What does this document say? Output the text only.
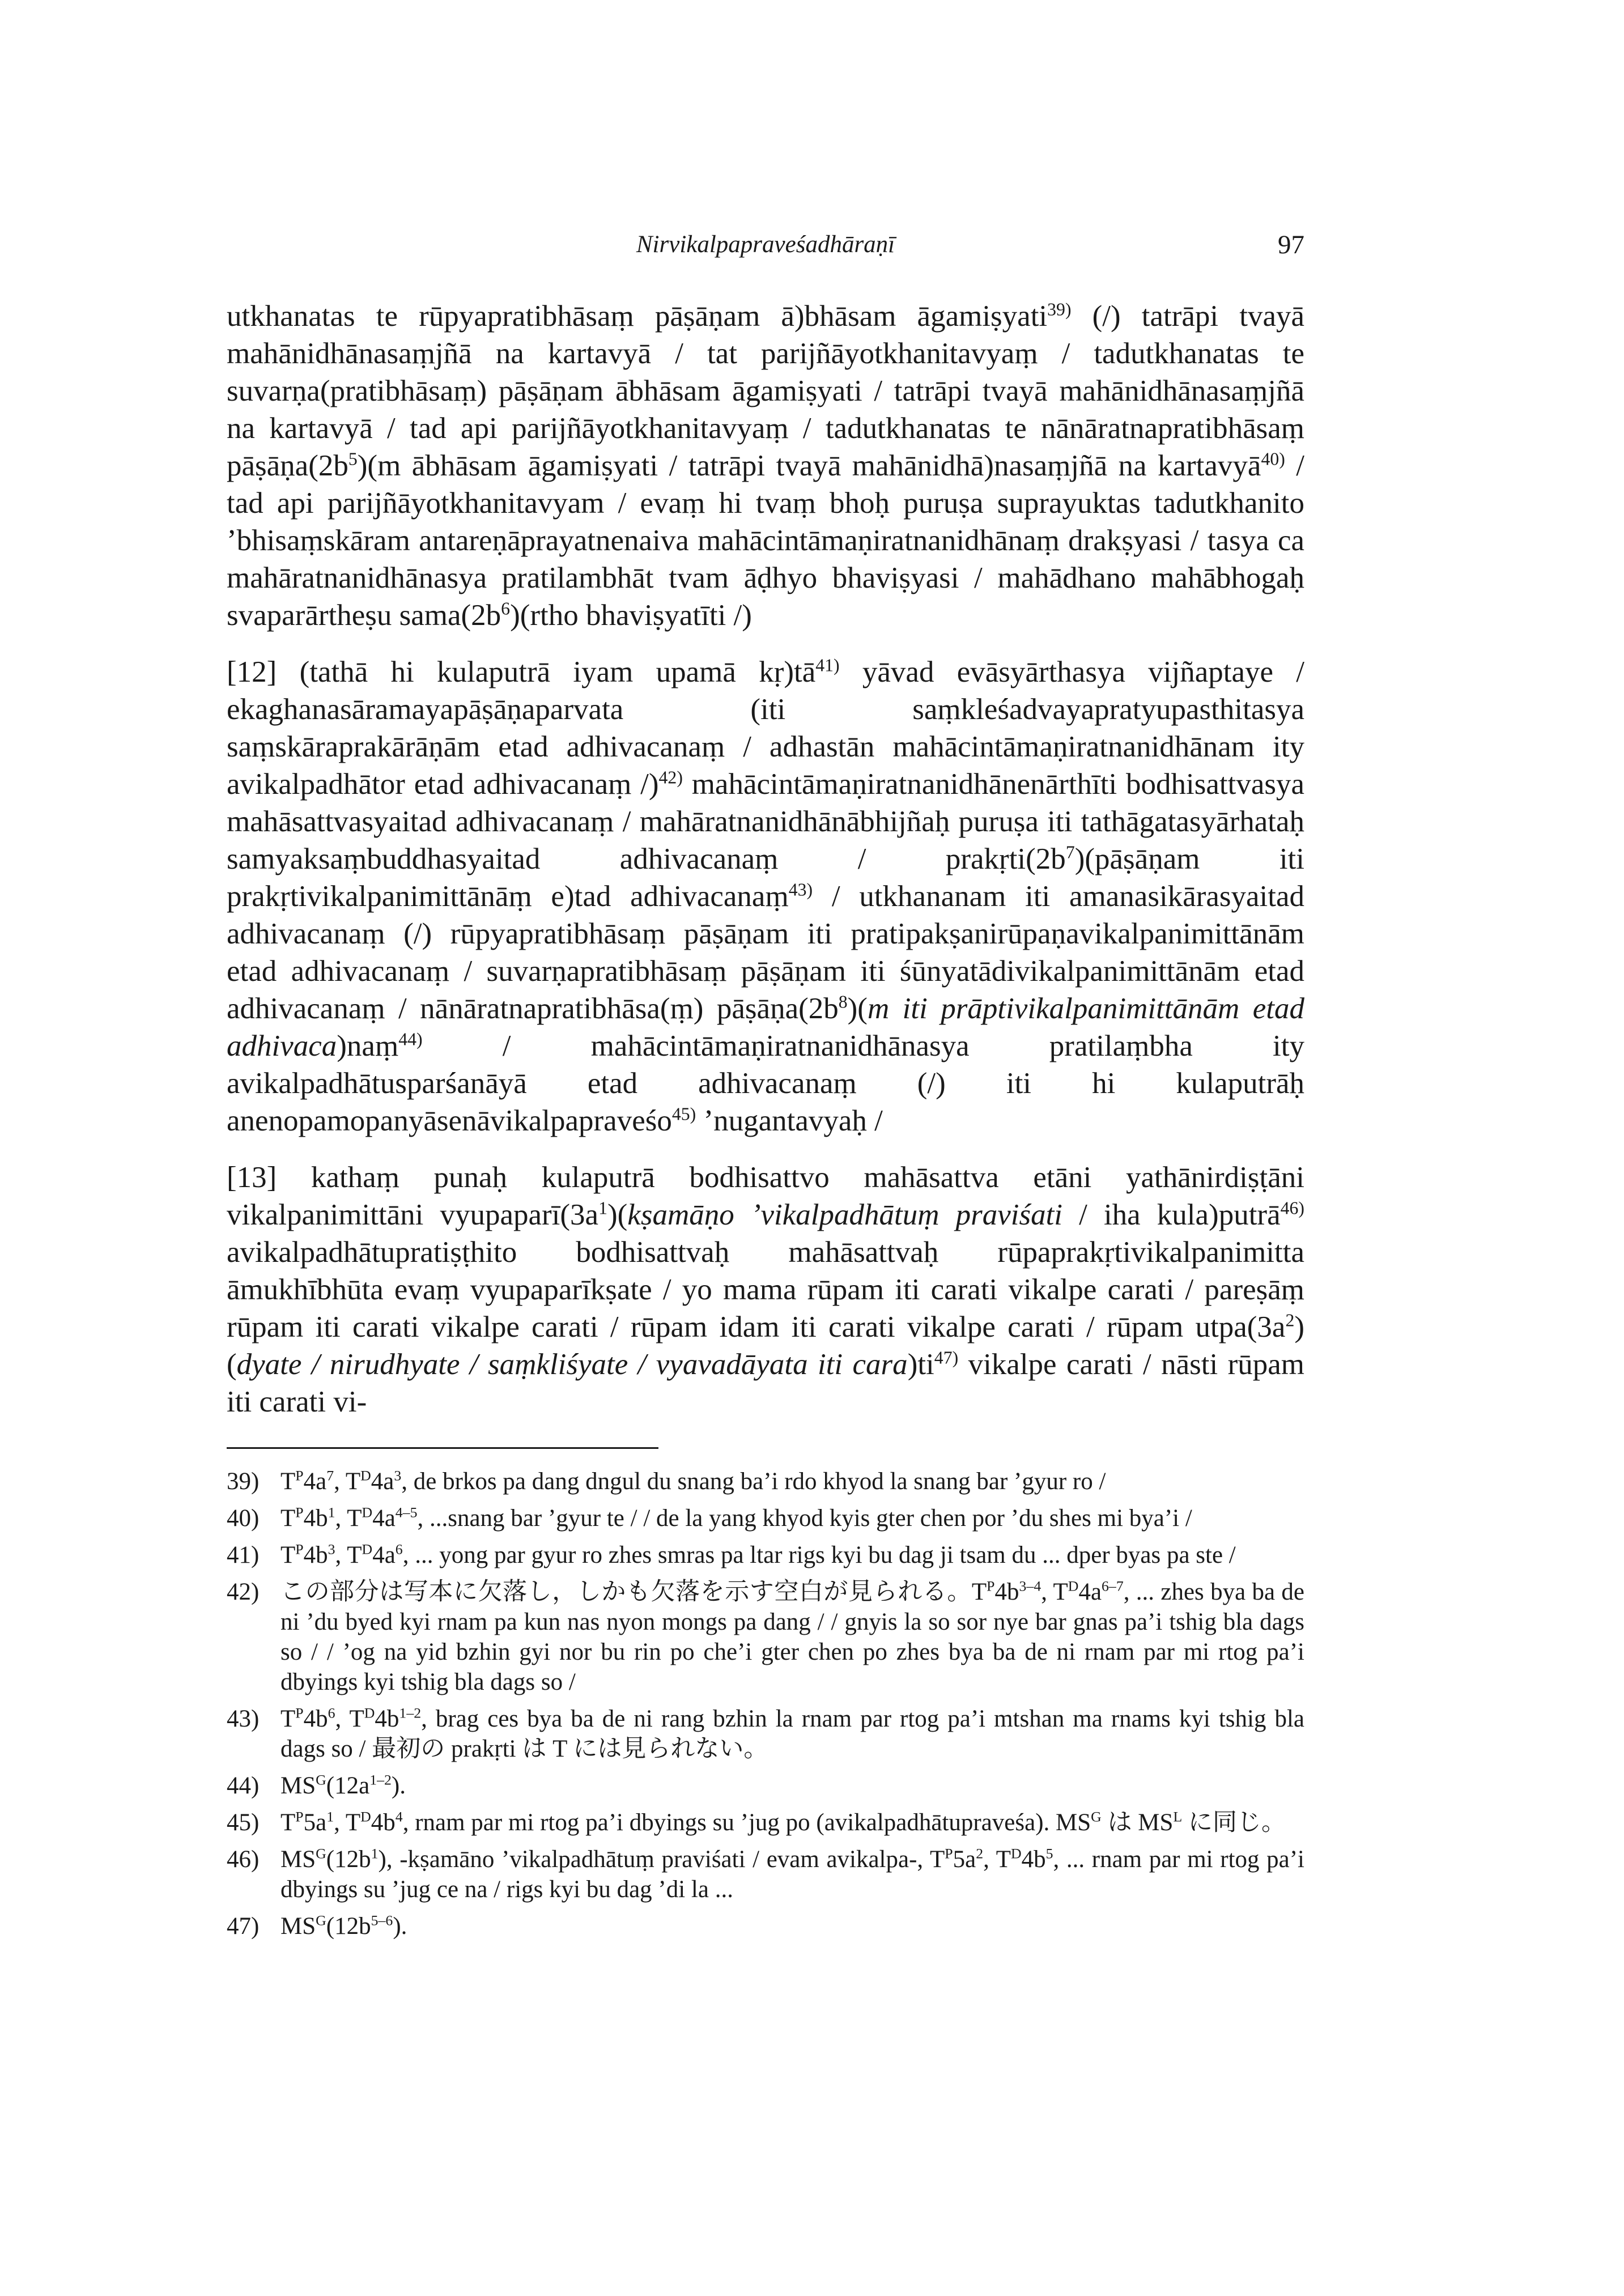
Nirvikalpapraveśadhāraṇī	97

utkhanatas te rūpyapratibhāsaṃ pāṣāṇam ā)bhāsam āgamiṣyati$^{39)}$ (/) tatrāpi tvayā mahānidhānasaṃjñā na kartavyā / tat parijñāyotkhanitavyaṃ / tadutkhanatas te suvarṇa(pratibhāsaṃ) pāṣāṇam ābhāsam āgamiṣyati / tatrāpi tvayā mahānidhānasaṃjñā na kartavyā / tad api parijñāyotkhanitavyaṃ / tadutkhanatas te nānāratnapratibhāsaṃ $pāṣāṇa(2b^5)(m$ ābhāsam āgamiṣyati / tatrāpi tvayā mahānidhā)nasaṃjñā na kartavyā$^{40)}$ / tad api parijñāyotkhanitavyam / evaṃ hi tvaṃ bhoḥ puruṣa suprayuktas tadutkhanito ’bhisaṃskāram antareṇāprayatnenaiva mahācintāmaṇiratnanidhānaṃ drakṣyasi / tasya ca mahāratnanidhānasya pratilambhāt tvam āḍhyo bhaviṣyasi / mahādhano mahābhogaḥ svaparārtheṣu $sama(2b^6)(rtho$ bhaviṣyatīti /)

[12] (tathā hi kulaputrā iyam upamā $kṛ)tā^{41)}$ yāvad evāsyārthasya vijñaptaye / ekaghanasāramayapāṣāṇaparvata (iti saṃkleśadvayapratyupasthitasya saṃskāraprakārāṇām etad adhivacanaṃ / adhastān mahācintāmaṇiratnanidhānam ity avikalpadhātor etad adhivacanaṃ /)$^{42)}$ mahācintāmaṇiratnanidhānenārthīti bodhisattvasya mahāsattvasyaitad adhivacanaṃ / mahāratnanidhānābhijñaḥ puruṣa iti tathāgatasyārhataḥ samyaksaṃbuddhasyaitad adhivacanaṃ / $prakṛti(2b^7)(pāṣāṇam$ iti prakṛtivikalpanimittānāṃ e)tad adhivacanaṃ$^{43)}$ / utkhananam iti amanasikārasyaitad adhivacanaṃ (/) rūpyapratibhāsaṃ pāṣāṇam iti pratipakṣanirūpaṇavikalpanimittānām etad adhivacanaṃ / suvarṇapratibhāsaṃ pāṣāṇam iti śūnyatādivikalpanimittānām etad adhivacanaṃ / nānāratnapratibhāsa(ṃ) $pāṣāṇa(2b^8)(m$ iti prāptivikalpanimittānām etad adhivaca)naṃ$^{44)}$ / mahācintāmaṇiratnanidhānasya pratilaṃbha ity avikalpadhātusparśanāyā etad adhivacanaṃ (/) iti hi kulaputrāḥ anenopamopanyāsenāvikalpapraveśo$^{45)}$ ’nugantavyaḥ /

[13] kathaṃ punaḥ kulaputrā bodhisattvo mahāsattva etāni yathānirdiṣṭāni vikalpanimittāni $vyupaparī(3a^1)(kṣamāṇo$ ’vikalpadhātuṃ praviśati / iha kula)putrā$^{46)}$ avikalpadhātupratiṣṭhito bodhisattvaḥ mahāsattvaḥ rūpaprakṛtivikalpanimitta āmukhībhūta evaṃ vyupaparīkṣate / yo mama rūpam iti carati vikalpe carati / pareṣāṃ rūpam iti carati vikalpe carati / rūpam idam iti carati vikalpe carati / rūpam $utpa(3a^2)(dyate$ / nirudhyate / saṃkliśyate / vyavadāyata iti $cara)ti^{47)}$ vikalpe carati / nāsti rūpam iti carati vi-

39) $T^P4a^7$, $T^D4a^3$, de brkos pa dang dngul du snang ba’i rdo khyod la snang bar ’gyur ro /
40) $T^P4b^1$, $T^D4a^{4-5}$, ...snang bar ’gyur te / / de la yang khyod kyis gter chen por ’du shes mi bya’i /
41) $T^P4b^3$, $T^D4a^6$, ... yong par gyur ro zhes smras pa ltar rigs kyi bu dag ji tsam du ... dper byas pa ste /
42) この部分は写本に欠落し，しかも欠落を示す空白が見られる。$T^P4b^{3-4}$, $T^D4a^{6-7}$, ... zhes bya ba de ni ’du byed kyi rnam pa kun nas nyon mongs pa dang / / gnyis la so sor nye bar gnas pa’i tshig bla dags so / / ’og na yid bzhin gyi nor bu rin po che’i gter chen po zhes bya ba de ni rnam par mi rtog pa’i dbyings kyi tshig bla dags so /
43) $T^P4b^6$, $T^D4b^{1-2}$, brag ces bya ba de ni rang bzhin la rnam par rtog pa’i mtshan ma rnams kyi tshig bla dags so / 最初の prakṛti は T には見られない。
44) $MS^G(12a^{1-2})$.
45) $T^P5a^1$, $T^D4b^4$, rnam par mi rtog pa’i dbyings su ’jug po (avikalpadhātupraveśa). $MS^G$ は $MS^L$ に同じ。
46) $MS^G(12b^1)$, -kṣamāno ’vikalpadhātuṃ praviśati / evam avikalpa-, $T^P5a^2$, $T^D4b^5$, ... rnam par mi rtog pa’i dbyings su ’jug ce na / rigs kyi bu dag ’di la ...
47) $MS^G(12b^{5-6})$.
